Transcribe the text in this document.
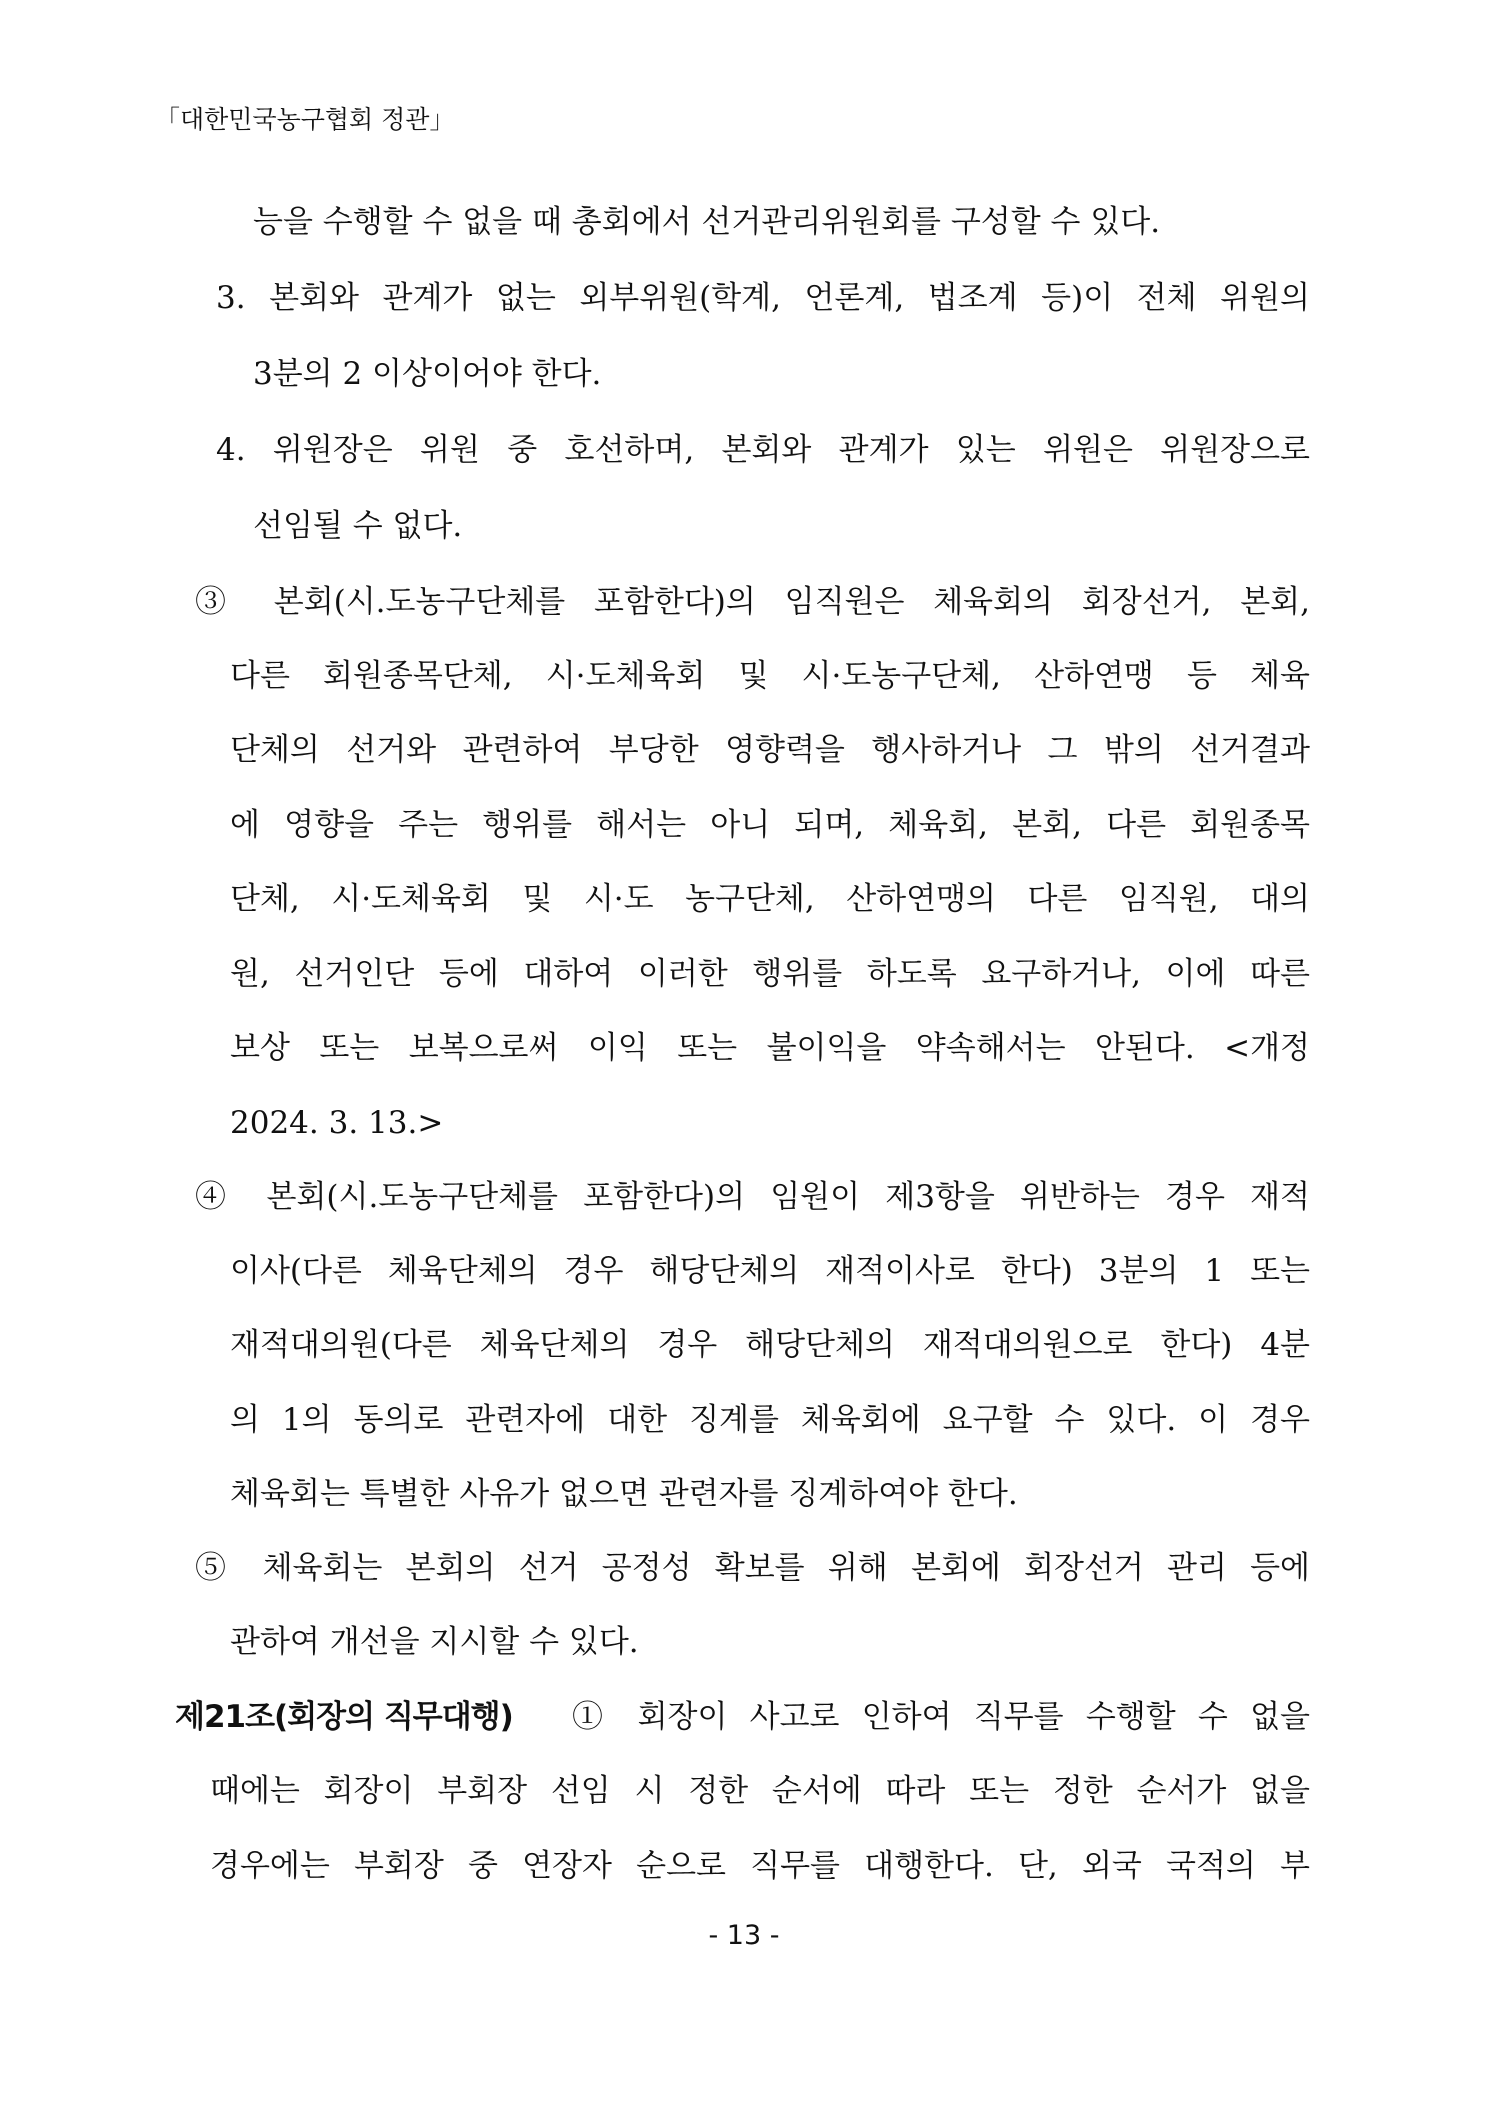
「대한민국농구협회 정관」
능을 수행할 수 없을 때 총회에서 선거관리위원회를 구성할 수 있다.
3. 본회와 관계가 없는 외부위원(학계, 언론계, 법조계 등)이 전체 위원의
3분의 2 이상이어야 한다.
4. 위원장은 위원 중 호선하며, 본회와 관계가 있는 위원은 위원장으로
선임될 수 없다.
③ 본회(시.도농구단체를 포함한다)의 임직원은 체육회의 회장선거, 본회,
다른 회원종목단체, 시·도체육회 및 시·도농구단체, 산하연맹 등 체육
단체의 선거와 관련하여 부당한 영향력을 행사하거나 그 밖의 선거결과
에 영향을 주는 행위를 해서는 아니 되며, 체육회, 본회, 다른 회원종목
단체, 시·도체육회 및 시·도 농구단체, 산하연맹의 다른 임직원, 대의
원, 선거인단 등에 대하여 이러한 행위를 하도록 요구하거나, 이에 따른
보상 또는 보복으로써 이익 또는 불이익을 약속해서는 안된다. <개정
2024. 3. 13.>
④ 본회(시.도농구단체를 포함한다)의 임원이 제3항을 위반하는 경우 재적
이사(다른 체육단체의 경우 해당단체의 재적이사로 한다) 3분의 1 또는
재적대의원(다른 체육단체의 경우 해당단체의 재적대의원으로 한다) 4분
의 1의 동의로 관련자에 대한 징계를 체육회에 요구할 수 있다. 이 경우
체육회는 특별한 사유가 없으면 관련자를 징계하여야 한다.
⑤ 체육회는 본회의 선거 공정성 확보를 위해 본회에 회장선거 관리 등에
관하여 개선을 지시할 수 있다.
제21조(회장의 직무대행) ① 회장이 사고로 인하여 직무를 수행할 수 없을
때에는 회장이 부회장 선임 시 정한 순서에 따라 또는 정한 순서가 없을
경우에는 부회장 중 연장자 순으로 직무를 대행한다. 단, 외국 국적의 부
- 13 -
